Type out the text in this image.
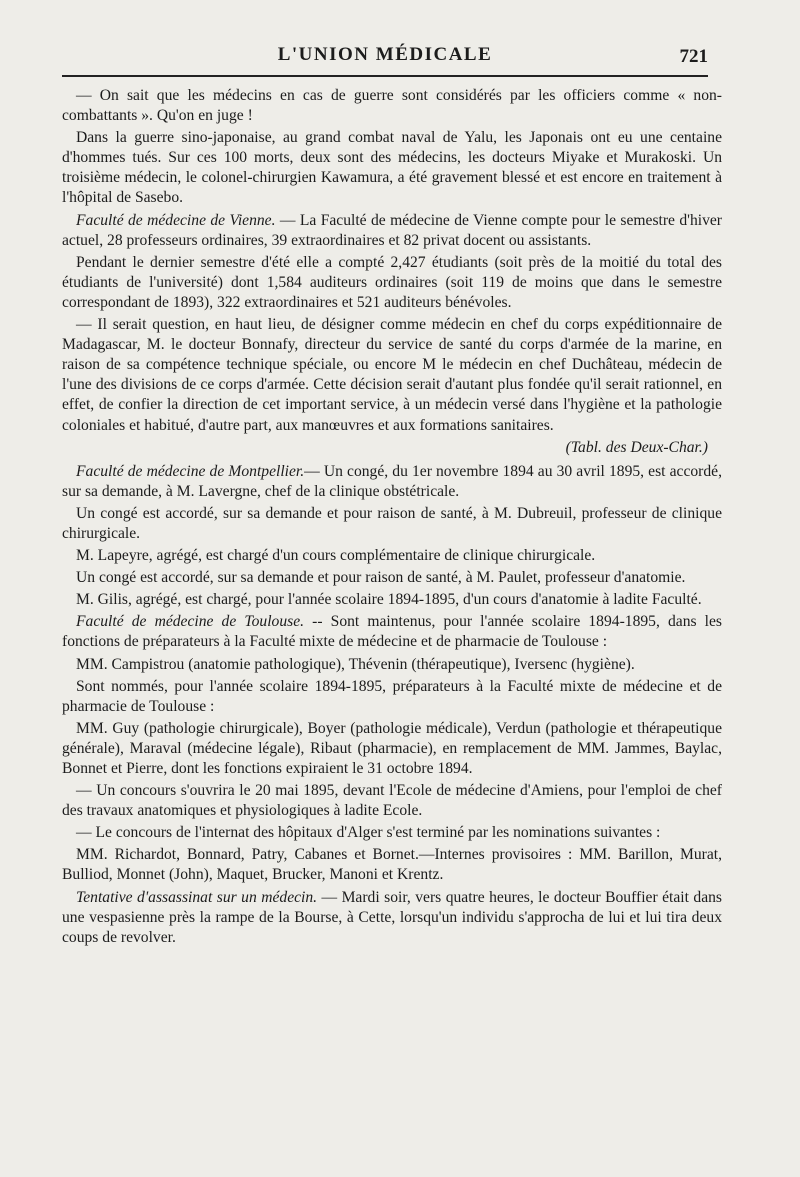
L'UNION MÉDICALE	721

— On sait que les médecins en cas de guerre sont considérés par les officiers comme « non-combattants ». Qu'on en juge !

Dans la guerre sino-japonaise, au grand combat naval de Yalu, les Japonais ont eu une centaine d'hommes tués. Sur ces 100 morts, deux sont des médecins, les docteurs Miyake et Murakoski. Un troisième médecin, le colonel-chirurgien Kawamura, a été gravement blessé et est encore en traitement à l'hôpital de Sasebo.

Faculté de médecine de Vienne. — La Faculté de médecine de Vienne compte pour le semestre d'hiver actuel, 28 professeurs ordinaires, 39 extraordinaires et 82 privat docent ou assistants.

Pendant le dernier semestre d'été elle a compté 2,427 étudiants (soit près de la moitié du total des étudiants de l'université) dont 1,584 auditeurs ordinaires (soit 119 de moins que dans le semestre correspondant de 1893), 322 extraordinaires et 521 auditeurs bénévoles.

— Il serait question, en haut lieu, de désigner comme médecin en chef du corps expéditionnaire de Madagascar, M. le docteur Bonnafy, directeur du service de santé du corps d'armée de la marine, en raison de sa compétence technique spéciale, ou encore M le médecin en chef Duchâteau, médecin de l'une des divisions de ce corps d'armée. Cette décision serait d'autant plus fondée qu'il serait rationnel, en effet, de confier la direction de cet important service, à un médecin versé dans l'hygiène et la pathologie coloniales et habitué, d'autre part, aux manœuvres et aux formations sanitaires.

(Tabl. des Deux-Char.)

Faculté de médecine de Montpellier.— Un congé, du 1er novembre 1894 au 30 avril 1895, est accordé, sur sa demande, à M. Lavergne, chef de la clinique obstétricale.

Un congé est accordé, sur sa demande et pour raison de santé, à M. Dubreuil, professeur de clinique chirurgicale.

M. Lapeyre, agrégé, est chargé d'un cours complémentaire de clinique chirurgicale.

Un congé est accordé, sur sa demande et pour raison de santé, à M. Paulet, professeur d'anatomie.

M. Gilis, agrégé, est chargé, pour l'année scolaire 1894-1895, d'un cours d'anatomie à ladite Faculté.

Faculté de médecine de Toulouse. -- Sont maintenus, pour l'année scolaire 1894-1895, dans les fonctions de préparateurs à la Faculté mixte de médecine et de pharmacie de Toulouse :

MM. Campistrou (anatomie pathologique), Thévenin (thérapeutique), Iversenc (hygiène).

Sont nommés, pour l'année scolaire 1894-1895, préparateurs à la Faculté mixte de médecine et de pharmacie de Toulouse :

MM. Guy (pathologie chirurgicale), Boyer (pathologie médicale), Verdun (pathologie et thérapeutique générale), Maraval (médecine légale), Ribaut (pharmacie), en remplacement de MM. Jammes, Baylac, Bonnet et Pierre, dont les fonctions expiraient le 31 octobre 1894.

— Un concours s'ouvrira le 20 mai 1895, devant l'Ecole de médecine d'Amiens, pour l'emploi de chef des travaux anatomiques et physiologiques à ladite Ecole.

— Le concours de l'internat des hôpitaux d'Alger s'est terminé par les nominations suivantes :

MM. Richardot, Bonnard, Patry, Cabanes et Bornet.—Internes provisoires : MM. Barillon, Murat, Bulliod, Monnet (John), Maquet, Brucker, Manoni et Krentz.

Tentative d'assassinat sur un médecin. — Mardi soir, vers quatre heures, le docteur Bouffier était dans une vespasienne près la rampe de la Bourse, à Cette, lorsqu'un individu s'approcha de lui et lui tira deux coups de revolver.
